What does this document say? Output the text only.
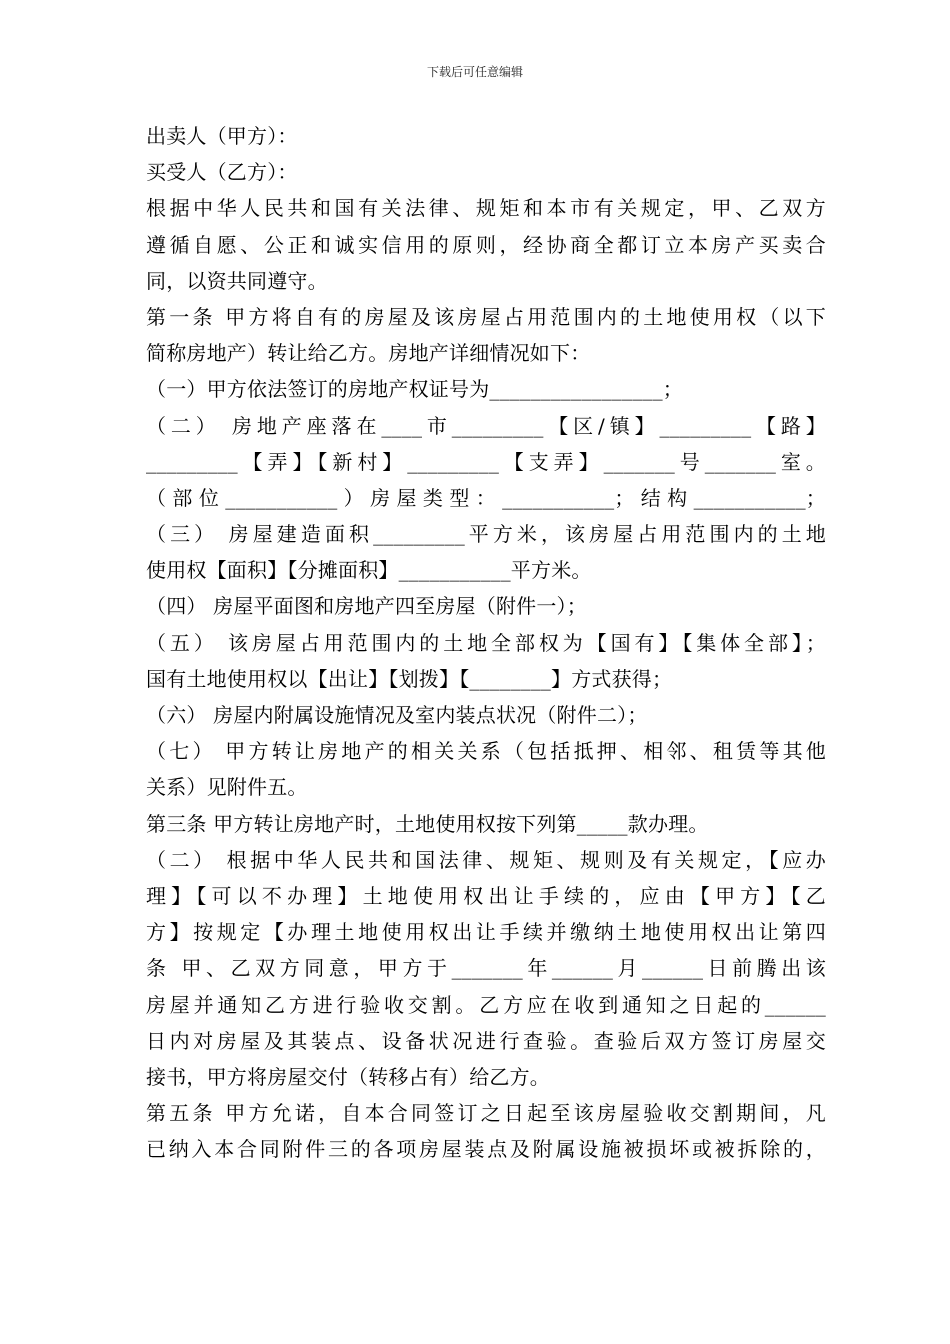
下载后可任意编辑
出卖人（甲方）：
买受人（乙方）：
根据中华人民共和国有关法律、规矩和本市有关规定，甲、乙双方
遵循自愿、公正和诚实信用的原则，经协商全都订立本房产买卖合
同，以资共同遵守。
第一条 甲方将自有的房屋及该房屋占用范围内的土地使用权（以下
简称房地产）转让给乙方。房地产详细情况如下：
（一）甲方依法签订的房地产权证号为_________________；
（二） 房地产座落在____市_________【区/镇】_________【路】
_________【弄】【新村】_________【支弄】_______号_______室。
（部位___________）房屋类型：___________；结构___________；
（三） 房屋建造面积_________平方米，该房屋占用范围内的土地
使用权【面积】【分摊面积】___________平方米。
（四） 房屋平面图和房地产四至房屋（附件一）；
（五） 该房屋占用范围内的土地全部权为【国有】【集体全部】；
国有土地使用权以【出让】【划拨】【________】方式获得；
（六） 房屋内附属设施情况及室内装点状况（附件二）；
（七） 甲方转让房地产的相关关系（包括抵押、相邻、租赁等其他
关系）见附件五。
第三条 甲方转让房地产时，土地使用权按下列第_____款办理。
（二） 根据中华人民共和国法律、规矩、规则及有关规定，【应办
理】【可以不办理】土地使用权出让手续的，应由【甲方】【乙
方】按规定【办理土地使用权出让手续并缴纳土地使用权出让第四
条 甲、乙双方同意，甲方于_______年______月______日前腾出该
房屋并通知乙方进行验收交割。乙方应在收到通知之日起的______
日内对房屋及其装点、设备状况进行查验。查验后双方签订房屋交
接书，甲方将房屋交付（转移占有）给乙方。
第五条 甲方允诺，自本合同签订之日起至该房屋验收交割期间，凡
已纳入本合同附件三的各项房屋装点及附属设施被损坏或被拆除的，
